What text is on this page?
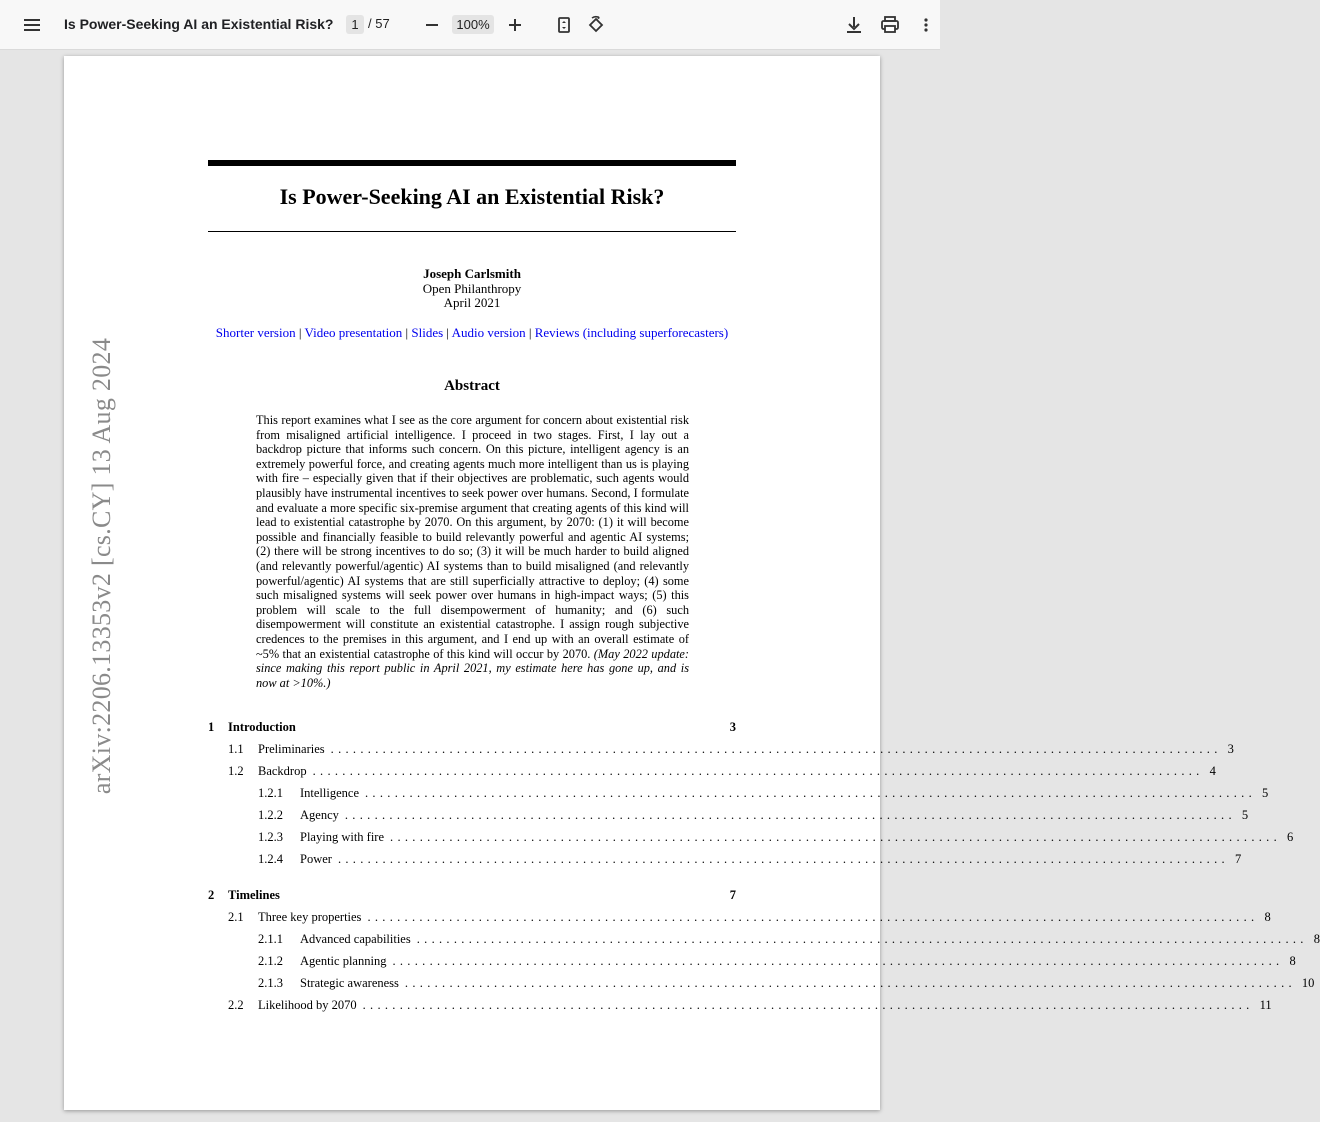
Is Power-Seeking AI an Existential Risk?	1 / 57	100%
arXiv:2206.13353v2 [cs.CY] 13 Aug 2024
Is Power-Seeking AI an Existential Risk?
Joseph Carlsmith
Open Philanthropy
April 2021
Shorter version | Video presentation | Slides | Audio version | Reviews (including superforecasters)
Abstract
This report examines what I see as the core argument for concern about existential risk from misaligned artificial intelligence. I proceed in two stages. First, I lay out a backdrop picture that informs such concern. On this picture, intelligent agency is an extremely powerful force, and creating agents much more intelligent than us is playing with fire – especially given that if their objectives are problematic, such agents would plausibly have instrumental incentives to seek power over humans. Second, I formulate and evaluate a more specific six-premise argument that creating agents of this kind will lead to existential catastrophe by 2070. On this argument, by 2070: (1) it will become possible and financially feasible to build relevantly powerful and agentic AI systems; (2) there will be strong incentives to do so; (3) it will be much harder to build aligned (and relevantly powerful/agentic) AI systems than to build misaligned (and relevantly powerful/agentic) AI systems that are still superficially attractive to deploy; (4) some such misaligned systems will seek power over humans in high-impact ways; (5) this problem will scale to the full disempowerment of humanity; and (6) such disempowerment will constitute an existential catastrophe. I assign rough subjective credences to the premises in this argument, and I end up with an overall estimate of ~5% that an existential catastrophe of this kind will occur by 2070. (May 2022 update: since making this report public in April 2021, my estimate here has gone up, and is now at >10%.)
1	Introduction	3
1.1	Preliminaries ........................................................................................................................ 3
1.2	Backdrop ........................................................................................................................ 4
1.2.1	Intelligence ........................................................................................................................ 5
1.2.2	Agency ........................................................................................................................ 5
1.2.3	Playing with fire ........................................................................................................................ 6
1.2.4	Power ........................................................................................................................ 7
2	Timelines	7
2.1	Three key properties ........................................................................................................................ 8
2.1.1	Advanced capabilities ........................................................................................................................ 8
2.1.2	Agentic planning ........................................................................................................................ 8
2.1.3	Strategic awareness ........................................................................................................................ 10
2.2	Likelihood by 2070 ........................................................................................................................ 11
